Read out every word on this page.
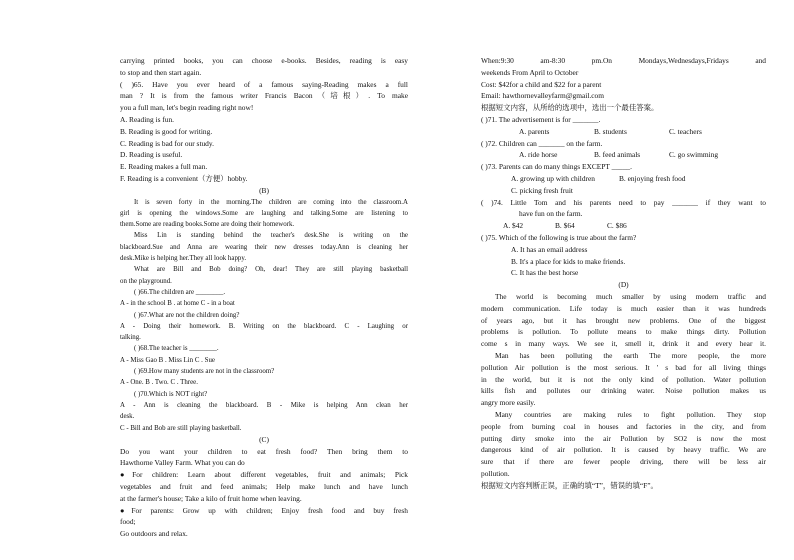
carrying printed books, you can choose e-books. Besides, reading is easy
to stop and then start again.
( )65. Have you ever heard of a famous saying-Reading makes a full
man ? It is from the famous writer Francis Bacon（培根）. To make
you a full man, let's begin reading right now!
A. Reading is fun.
B. Reading is good for writing.
C. Reading is bad for our study.
D. Reading is useful.
E. Reading makes a full man.
F. Reading is a convenient（方便）hobby.
(B)
It is seven forty in the morning.The children are coming into the classroom.A
girl is opening the windows.Some are laughing and talking.Some are listening to
them.Some are reading books.Some are doing their homework.
Miss Lin is standing behind the teacher's desk.She is writing on the
blackboard.Sue and Anna are wearing their new dresses today.Ann is cleaning her
desk.Mike is helping her.They all look happy.
What are Bill and Bob doing? Oh, dear! They are still playing basketball
on the playground.
( )66.The children are ________.
A - in the school B . at home C - in a boat
( )67.What are not the children doing?
A - Doing their homework. B. Writing on the blackboard. C - Laughing or
talking.
( )68.The teacher is ________.
A - Miss Gao B . Miss Lin C . Sue
( )69.How many students are not in the classroom?
A - One. B . Two. C . Three.
( )70.Which is NOT right?
A - Ann is cleaning the blackboard. B - Mike is helping Ann clean her
desk.
C - Bill and Bob are still playing basketball.
(C)
Do you want your children to eat fresh food? Then bring them to
Hawthorne Valley Farm. What you can do
●For children: Learn about different vegetables, fruit and animals; Pick
vegetables and fruit and feed animals; Help make lunch and have lunch
at the farmer's house; Take a kilo of fruit home when leaving.
●For parents: Grow up with children; Enjoy fresh food and buy fresh
food;
Go outdoors and relax.
When:9:30 am-8:30 pm.On Mondays,Wednesdays,Fridays and
weekends From April to October
Cost: $42for a child and $22 for a parent
Email: hawthornevalleyfarm@gmail.com
根据短文内容，从所给的选项中，选出一个最佳答案。
( )71. The advertisement is for _______.
A. parents	B. students	C. teachers
( )72. Children can _______ on the farm.
A. ride horse	B. feed animals	C. go swimming
( )73. Parents can do many things EXCEPT _____.
A. growing up with children	B. enjoying fresh food
C. picking fresh fruit
( )74. Little Tom and his parents need to pay _______ if they want to
have fun on the farm.
A. $42	B. $64	C. $86
( )75. Which of the following is true about the farm?
A. It has an email address
B. It's a place for kids to make friends.
C. It has the best horse
(D)
The world is becoming much smaller by using modern traffic and
modern communication. Life today is much easier than it was hundreds
of years ago, but it has brought new problems. One of the biggest
problems is pollution. To pollute means to make things dirty. Pollution
come s in many ways. We see it, smell it, drink it and every hear it.
Man has been polluting the earth The more people, the more
pollution Air pollution is the most serious. It ' s bad for all living things
in the world, but it is not the only kind of pollution. Water pollution
kills fish and pollutes our drinking water. Noise pollution makes us
angry more easily.
Many countries are making rules to fight pollution. They stop
people from burning coal in houses and factories in the city, and from
putting dirty smoke into the air Pollution by SO2 is now the most
dangerous kind of air pollution. It is caused by heavy traffic. We are
sure that if there are fewer people driving, there will be less air
pollution.
根据短文内容判断正误，正确的填“T”，错误的填“F”。
